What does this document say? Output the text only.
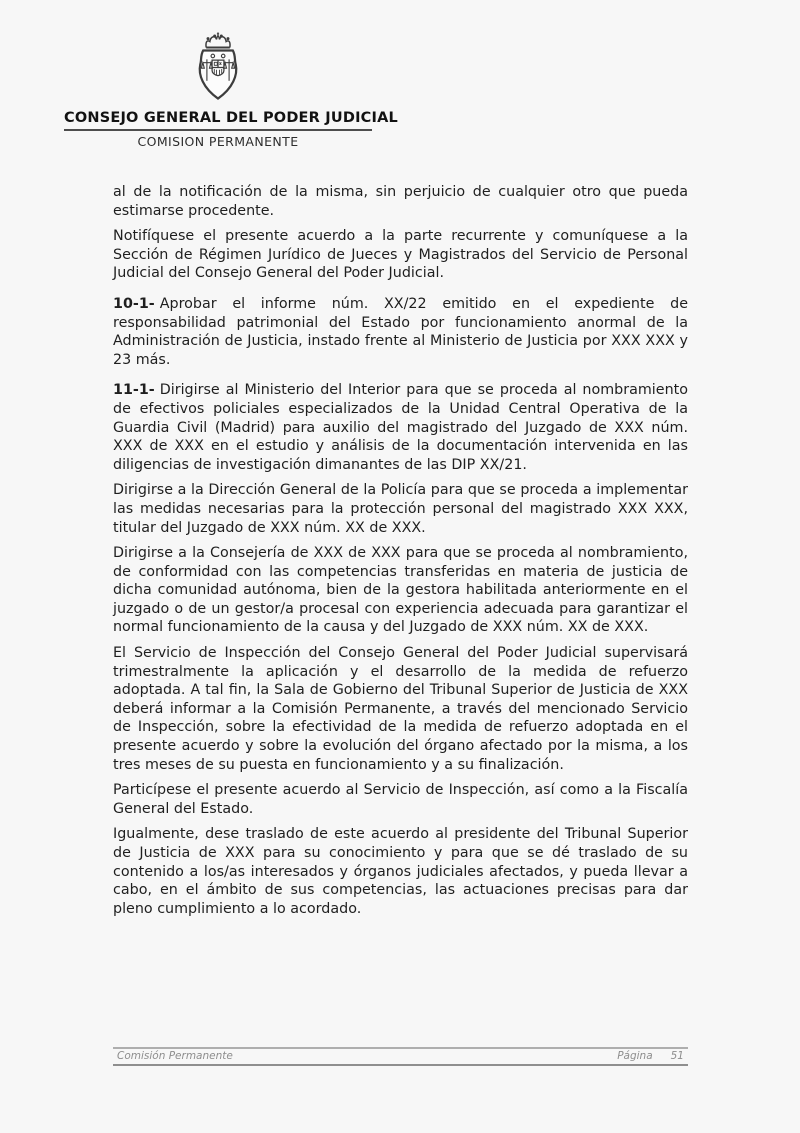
CONSEJO GENERAL DEL PODER JUDICIAL
COMISION PERMANENTE

al de la notificación de la misma, sin perjuicio de cualquier otro que pueda estimarse procedente.

Notifíquese el presente acuerdo a la parte recurrente y comuníquese a la Sección de Régimen Jurídico de Jueces y Magistrados del Servicio de Personal Judicial del Consejo General del Poder Judicial.

10-1- Aprobar el informe núm. XX/22 emitido en el expediente de responsabilidad patrimonial del Estado por funcionamiento anormal de la Administración de Justicia, instado frente al Ministerio de Justicia por XXX XXX y 23 más.

11-1- Dirigirse al Ministerio del Interior para que se proceda al nombramiento de efectivos policiales especializados de la Unidad Central Operativa de la Guardia Civil (Madrid) para auxilio del magistrado del Juzgado de XXX núm. XXX de XXX en el estudio y análisis de la documentación intervenida en las diligencias de investigación dimanantes de las DIP XX/21.

Dirigirse a la Dirección General de la Policía para que se proceda a implementar las medidas necesarias para la protección personal del magistrado XXX XXX, titular del Juzgado de XXX núm. XX de XXX.

Dirigirse a la Consejería de XXX de XXX para que se proceda al nombramiento, de conformidad con las competencias transferidas en materia de justicia de dicha comunidad autónoma, bien de la gestora habilitada anteriormente en el juzgado o de un gestor/a procesal con experiencia adecuada para garantizar el normal funcionamiento de la causa y del Juzgado de XXX núm. XX de XXX.

El Servicio de Inspección del Consejo General del Poder Judicial supervisará trimestralmente la aplicación y el desarrollo de la medida de refuerzo adoptada. A tal fin, la Sala de Gobierno del Tribunal Superior de Justicia de XXX deberá informar a la Comisión Permanente, a través del mencionado Servicio de Inspección, sobre la efectividad de la medida de refuerzo adoptada en el presente acuerdo y sobre la evolución del órgano afectado por la misma, a los tres meses de su puesta en funcionamiento y a su finalización.

Particípese el presente acuerdo al Servicio de Inspección, así como a la Fiscalía General del Estado.

Igualmente, dese traslado de este acuerdo al presidente del Tribunal Superior de Justicia de XXX para su conocimiento y para que se dé traslado de su contenido a los/as interesados y órganos judiciales afectados, y pueda llevar a cabo, en el ámbito de sus competencias, las actuaciones precisas para dar pleno cumplimiento a lo acordado.

Comisión Permanente	Página 51
